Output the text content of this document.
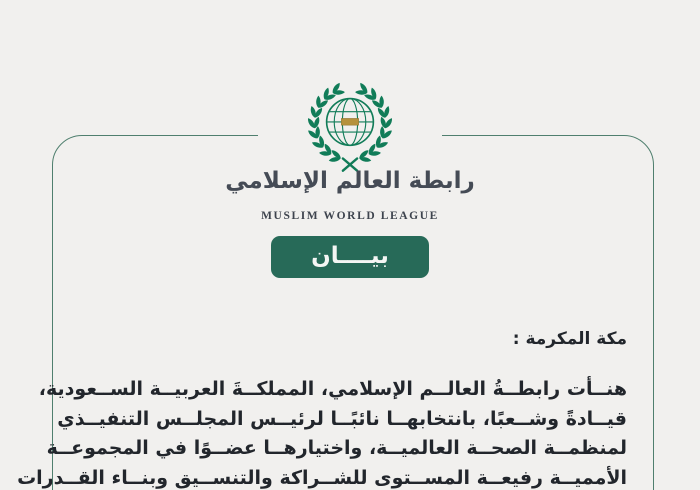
رابطة العالم الإسلامي
MUSLIM WORLD LEAGUE
بيــــان
مكة المكرمة :
هنــأت رابطــةُ العالــم الإسلامي، المملكــةَ العربيــة الســعودية،
قيــادةً وشــعبًا، بانتخابهــا نائبًــا لرئيــس المجلــس التنفيــذي
لمنظمــة الصحــة العالميــة، واختيارهــا عضــوًا في المجموعــة
الأمميــة رفيعــة المســتوى للشــراكة والتنســيق وبنــاء القــدرات
